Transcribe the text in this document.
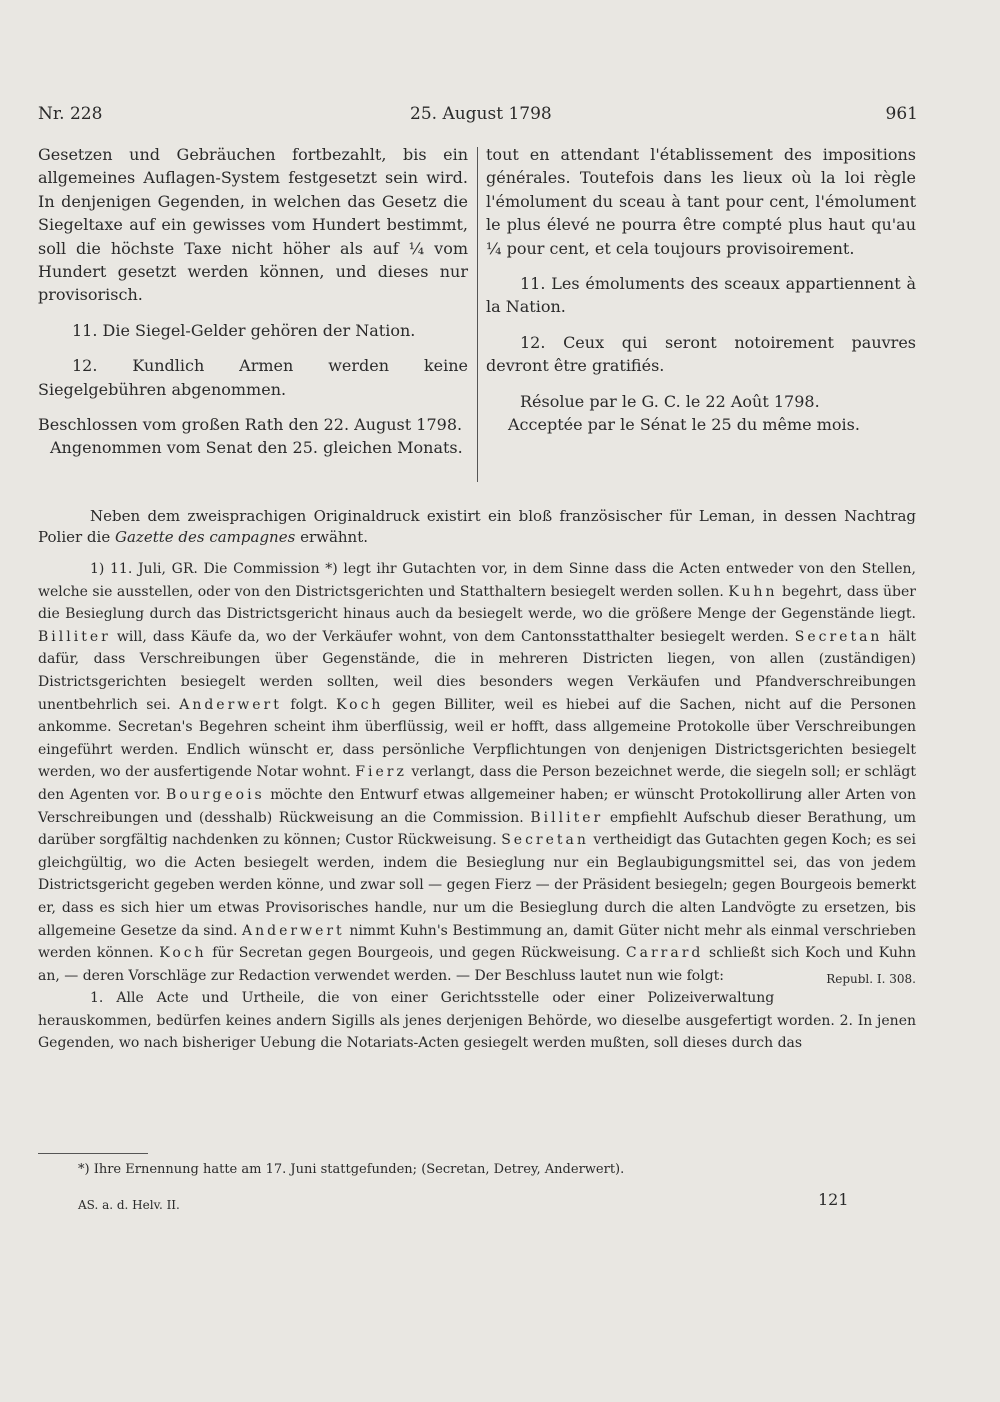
Nr. 228	25. August 1798	961

Gesetzen und Gebräuchen fortbezahlt, bis ein allgemeines Auflagen-System festgesetzt sein wird. In denjenigen Gegenden, in welchen das Gesetz die Siegeltaxe auf ein gewisses vom Hundert bestimmt, soll die höchste Taxe nicht höher als auf ¼ vom Hundert gesetzt werden können, und dieses nur provisorisch.

11. Die Siegel-Gelder gehören der Nation.

12. Kundlich Armen werden keine Siegelgebühren abgenommen.

Beschlossen vom großen Rath den 22. August 1798.

Angenommen vom Senat den 25. gleichen Monats.

tout en attendant l'établissement des impositions générales. Toutefois dans les lieux où la loi règle l'émolument du sceau à tant pour cent, l'émolument le plus élevé ne pourra être compté plus haut qu'au ¼ pour cent, et cela toujours provisoirement.

11. Les émoluments des sceaux appartiennent à la Nation.

12. Ceux qui seront notoirement pauvres devront être gratifiés.

Résolue par le G. C. le 22 Août 1798.

Acceptée par le Sénat le 25 du même mois.

Neben dem zweisprachigen Originaldruck existirt ein bloß französischer für Leman, in dessen Nachtrag Polier die Gazette des campagnes erwähnt.

1) 11. Juli, GR. Die Commission *) legt ihr Gutachten vor, in dem Sinne dass die Acten entweder von den Stellen, welche sie ausstellen, oder von den Districtsgerichten und Statthaltern besiegelt werden sollen. Kuhn begehrt, dass über die Besieglung durch das Districtsgericht hinaus auch da besiegelt werde, wo die größere Menge der Gegenstände liegt. Billiter will, dass Käufe da, wo der Verkäufer wohnt, von dem Cantonsstatthalter besiegelt werden. Secretan hält dafür, dass Verschreibungen über Gegenstände, die in mehreren Districten liegen, von allen (zuständigen) Districtsgerichten besiegelt werden sollten, weil dies besonders wegen Verkäufen und Pfandverschreibungen unentbehrlich sei. Anderwert folgt. Koch gegen Billiter, weil es hiebei auf die Sachen, nicht auf die Personen ankomme. Secretan's Begehren scheint ihm überflüssig, weil er hofft, dass allgemeine Protokolle über Verschreibungen eingeführt werden. Endlich wünscht er, dass persönliche Verpflichtungen von denjenigen Districtsgerichten besiegelt werden, wo der ausfertigende Notar wohnt. Fierz verlangt, dass die Person bezeichnet werde, die siegeln soll; er schlägt den Agenten vor. Bourgeois möchte den Entwurf etwas allgemeiner haben; er wünscht Protokollirung aller Arten von Verschreibungen und (desshalb) Rückweisung an die Commission. Billiter empfiehlt Aufschub dieser Berathung, um darüber sorgfältig nachdenken zu können; Custor Rückweisung. Secretan vertheidigt das Gutachten gegen Koch; es sei gleichgültig, wo die Acten besiegelt werden, indem die Besieglung nur ein Beglaubigungsmittel sei, das von jedem Districtsgericht gegeben werden könne, und zwar soll — gegen Fierz — der Präsident besiegeln; gegen Bourgeois bemerkt er, dass es sich hier um etwas Provisorisches handle, nur um die Besieglung durch die alten Landvögte zu ersetzen, bis allgemeine Gesetze da sind. Anderwert nimmt Kuhn's Bestimmung an, damit Güter nicht mehr als einmal verschrieben werden können. Koch für Secretan gegen Bourgeois, und gegen Rückweisung. Carrard schließt sich Koch und Kuhn an, — deren Vorschläge zur Redaction verwendet werden. — Der Beschluss lautet nun wie folgt:	Republ. I. 308.

1. Alle Acte und Urtheile, die von einer Gerichtsstelle oder einer Polizeiverwaltung herauskommen, bedürfen keines andern Sigills als jenes derjenigen Behörde, wo dieselbe ausgefertigt worden. 2. In jenen Gegenden, wo nach bisheriger Uebung die Notariats-Acten gesiegelt werden mußten, soll dieses durch das

*) Ihre Ernennung hatte am 17. Juni stattgefunden; (Secretan, Detrey, Anderwert).
AS. a. d. Helv. II.	121
